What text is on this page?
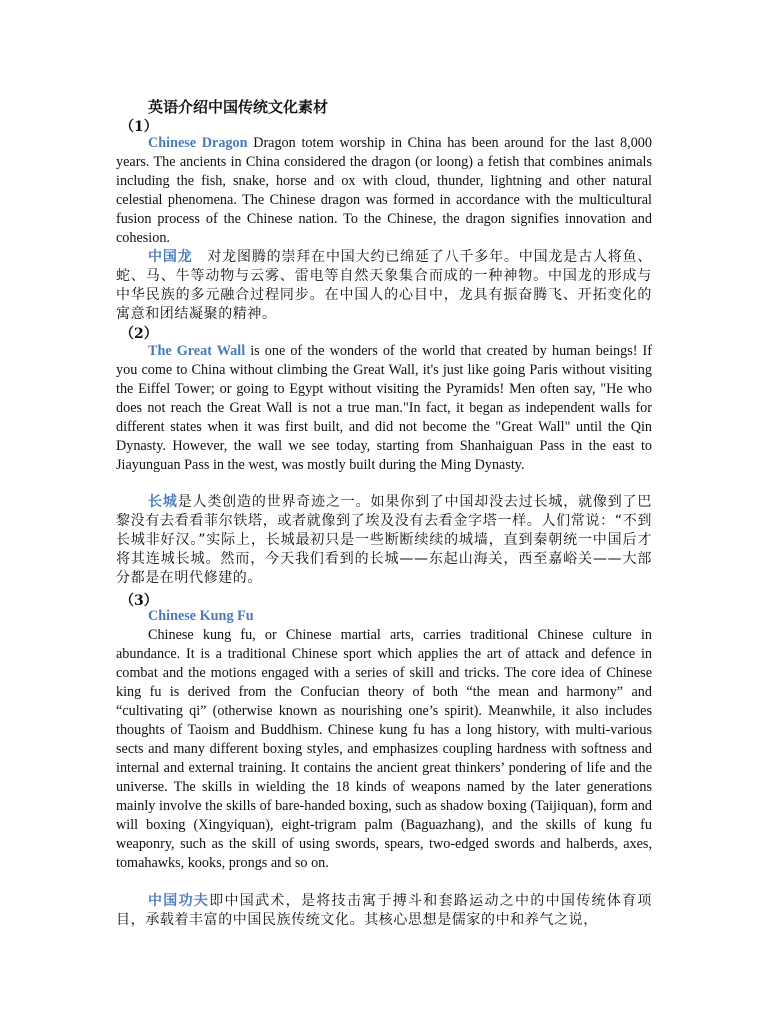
英语介绍中国传统文化素材
（1）

Chinese Dragon Dragon totem worship in China has been around for the last 8,000 years. The ancients in China considered the dragon (or loong) a fetish that combines animals including the fish, snake, horse and ox with cloud, thunder, lightning and other natural celestial phenomena. The Chinese dragon was formed in accordance with the multicultural fusion process of the Chinese nation. To the Chinese, the dragon signifies innovation and cohesion.

中国龙　对龙图腾的崇拜在中国大约已绵延了八千多年。中国龙是古人将鱼、蛇、马、牛等动物与云雾、雷电等自然天象集合而成的一种神物。中国龙的形成与中华民族的多元融合过程同步。在中国人的心目中，龙具有振奋腾飞、开拓变化的寓意和团结凝聚的精神。

（2）

The Great Wall is one of the wonders of the world that created by human beings! If you come to China without climbing the Great Wall, it's just like going Paris without visiting the Eiffel Tower; or going to Egypt without visiting the Pyramids! Men often say, "He who does not reach the Great Wall is not a true man."In fact, it began as independent walls for different states when it was first built, and did not become the "Great Wall" until the Qin Dynasty. However, the wall we see today, starting from Shanhaiguan Pass in the east to Jiayunguan Pass in the west, was mostly built during the Ming Dynasty.

长城是人类创造的世界奇迹之一。如果你到了中国却没去过长城，就像到了巴黎没有去看看菲尔铁塔，或者就像到了埃及没有去看金字塔一样。人们常说：“不到长城非好汉。”实际上，长城最初只是一些断断续续的城墙，直到秦朝统一中国后才将其连城长城。然而，今天我们看到的长城——东起山海关，西至嘉峪关——大部分都是在明代修建的。

（3）
Chinese Kung Fu

Chinese kung fu, or Chinese martial arts, carries traditional Chinese culture in abundance. It is a traditional Chinese sport which applies the art of attack and defence in combat and the motions engaged with a series of skill and tricks. The core idea of Chinese king fu is derived from the Confucian theory of both “the mean and harmony” and “cultivating qi” (otherwise known as nourishing one’s spirit). Meanwhile, it also includes thoughts of Taoism and Buddhism. Chinese kung fu has a long history, with multi-various sects and many different boxing styles, and emphasizes coupling hardness with softness and internal and external training. It contains the ancient great thinkers’ pondering of life and the universe. The skills in wielding the 18 kinds of weapons named by the later generations mainly involve the skills of bare-handed boxing, such as shadow boxing (Taijiquan), form and will boxing (Xingyiquan), eight-trigram palm (Baguazhang), and the skills of kung fu weaponry, such as the skill of using swords, spears, two-edged swords and halberds, axes, tomahawks, kooks, prongs and so on.

中国功夫即中国武术，是将技击寓于搏斗和套路运动之中的中国传统体育项目，承载着丰富的中国民族传统文化。其核心思想是儒家的中和养气之说，
